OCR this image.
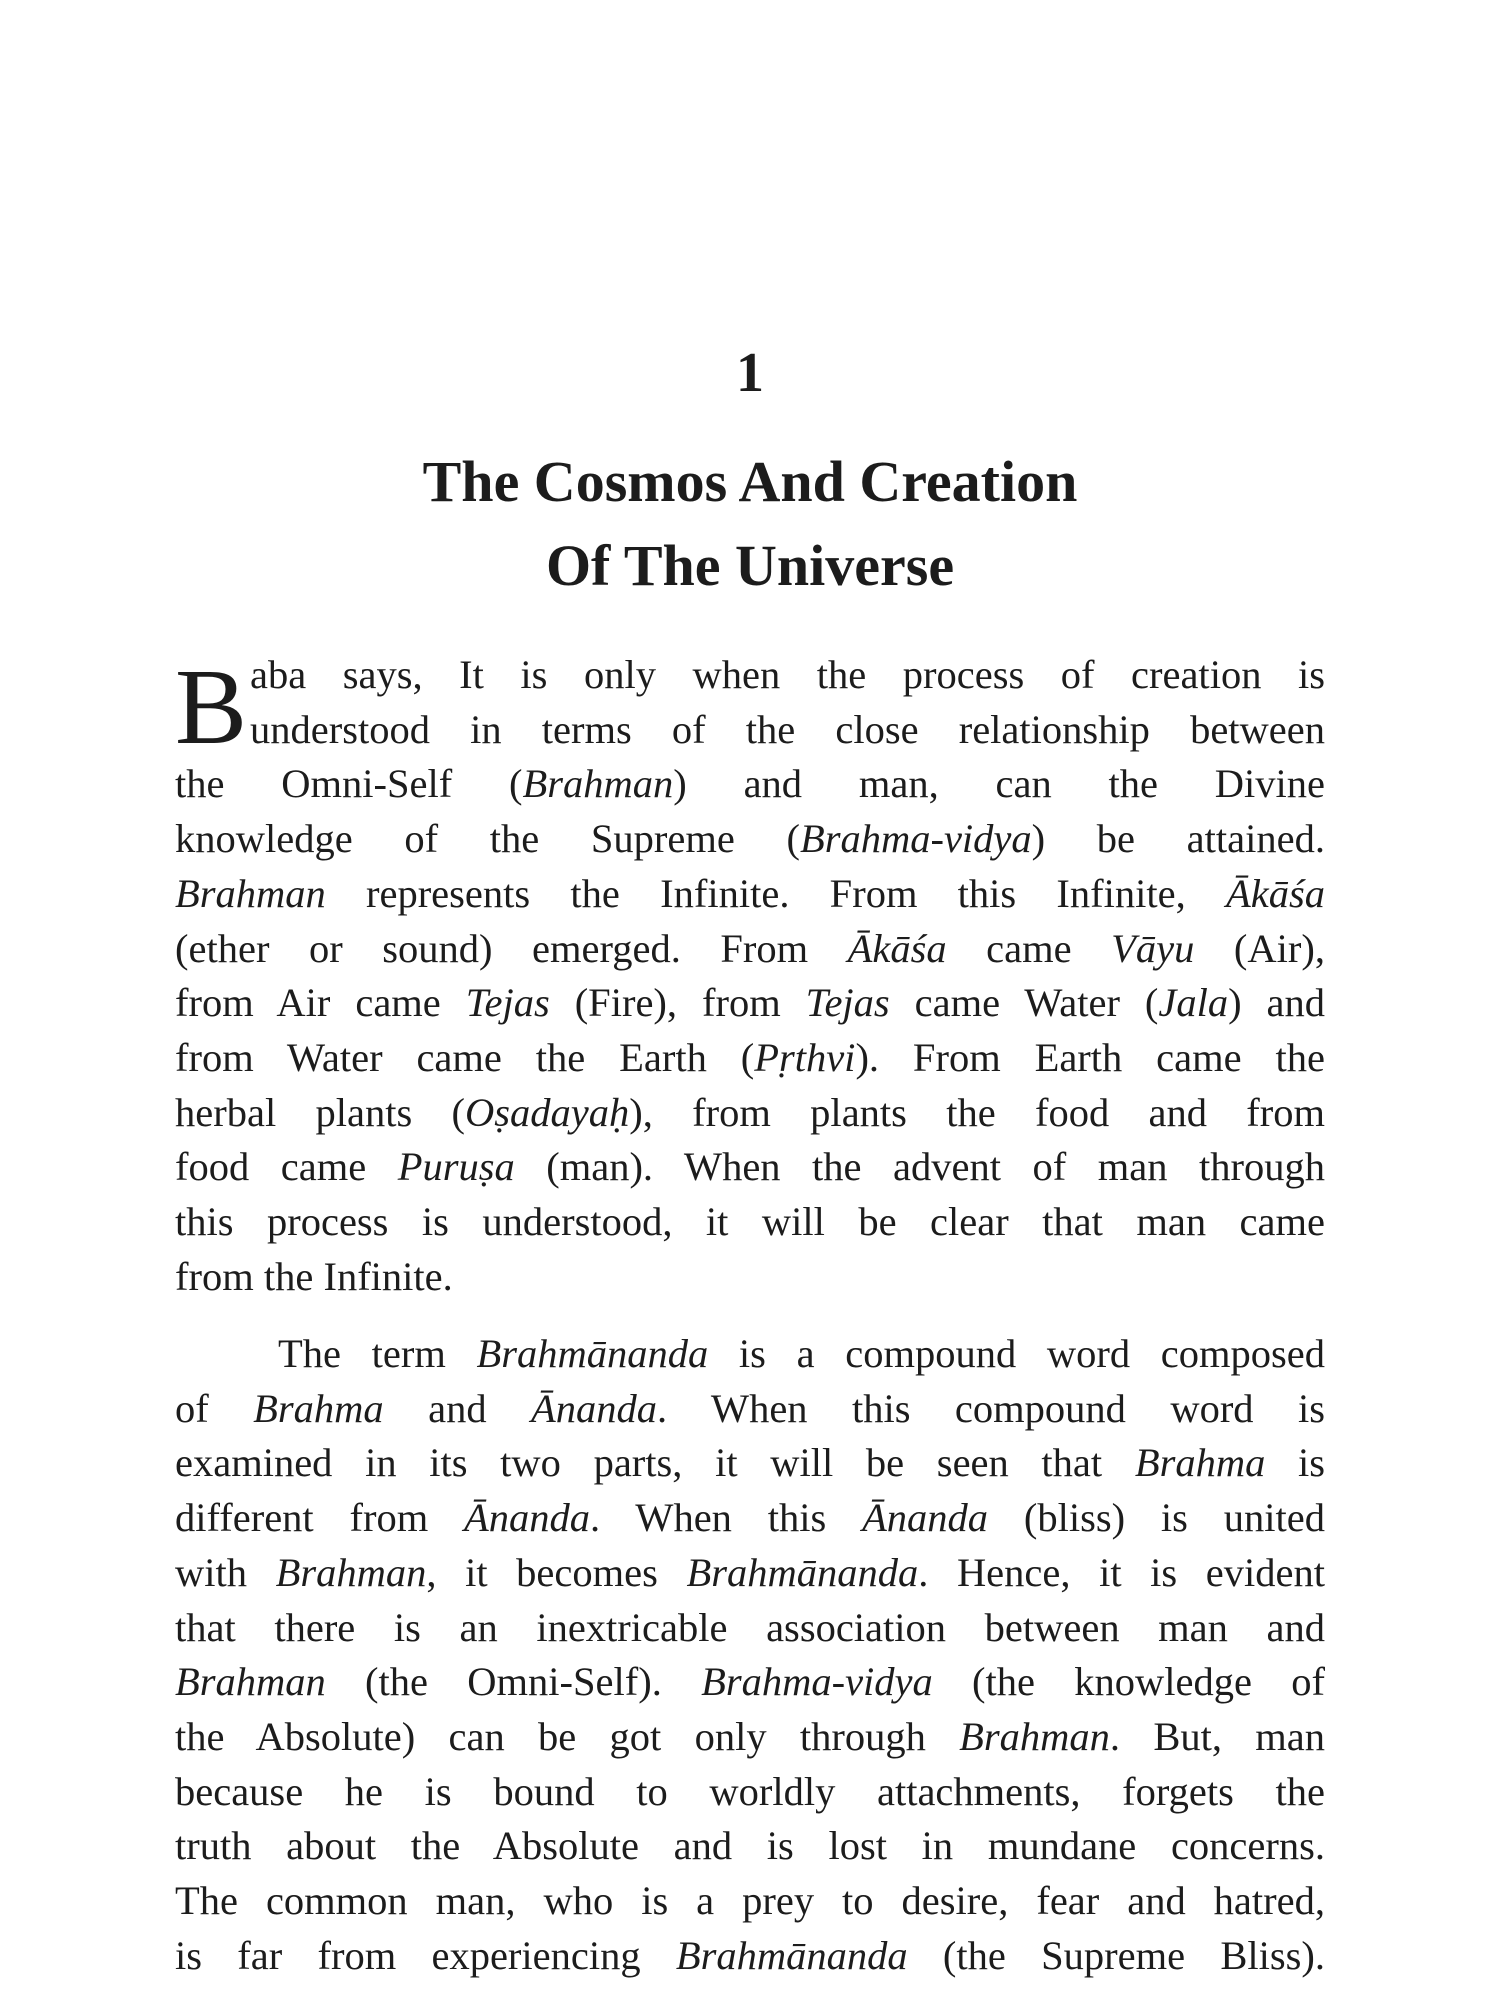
1
The Cosmos And Creation
Of The Universe
B aba says, It is only when the process of creation is
understood in terms of the close relationship between
the Omni-Self (Brahman) and man, can the Divine
knowledge of the Supreme (Brahma-vidya) be attained.
Brahman represents the Infinite. From this Infinite, Ākāśa
(ether or sound) emerged. From Ākāśa came Vāyu (Air),
from Air came Tejas (Fire), from Tejas came Water (Jala) and
from Water came the Earth (Pṛthvi). From Earth came the
herbal plants (Oṣadayaḥ), from plants the food and from
food came Puruṣa (man). When the advent of man through
this process is understood, it will be clear that man came
from the Infinite.
The term Brahmānanda is a compound word composed
of Brahma and Ānanda. When this compound word is
examined in its two parts, it will be seen that Brahma is
different from Ānanda. When this Ānanda (bliss) is united
with Brahman, it becomes Brahmānanda. Hence, it is evident
that there is an inextricable association between man and
Brahman (the Omni-Self). Brahma-vidya (the knowledge of
the Absolute) can be got only through Brahman. But, man
because he is bound to worldly attachments, forgets the
truth about the Absolute and is lost in mundane concerns.
The common man, who is a prey to desire, fear and hatred,
is far from experiencing Brahmānanda (the Supreme Bliss).
